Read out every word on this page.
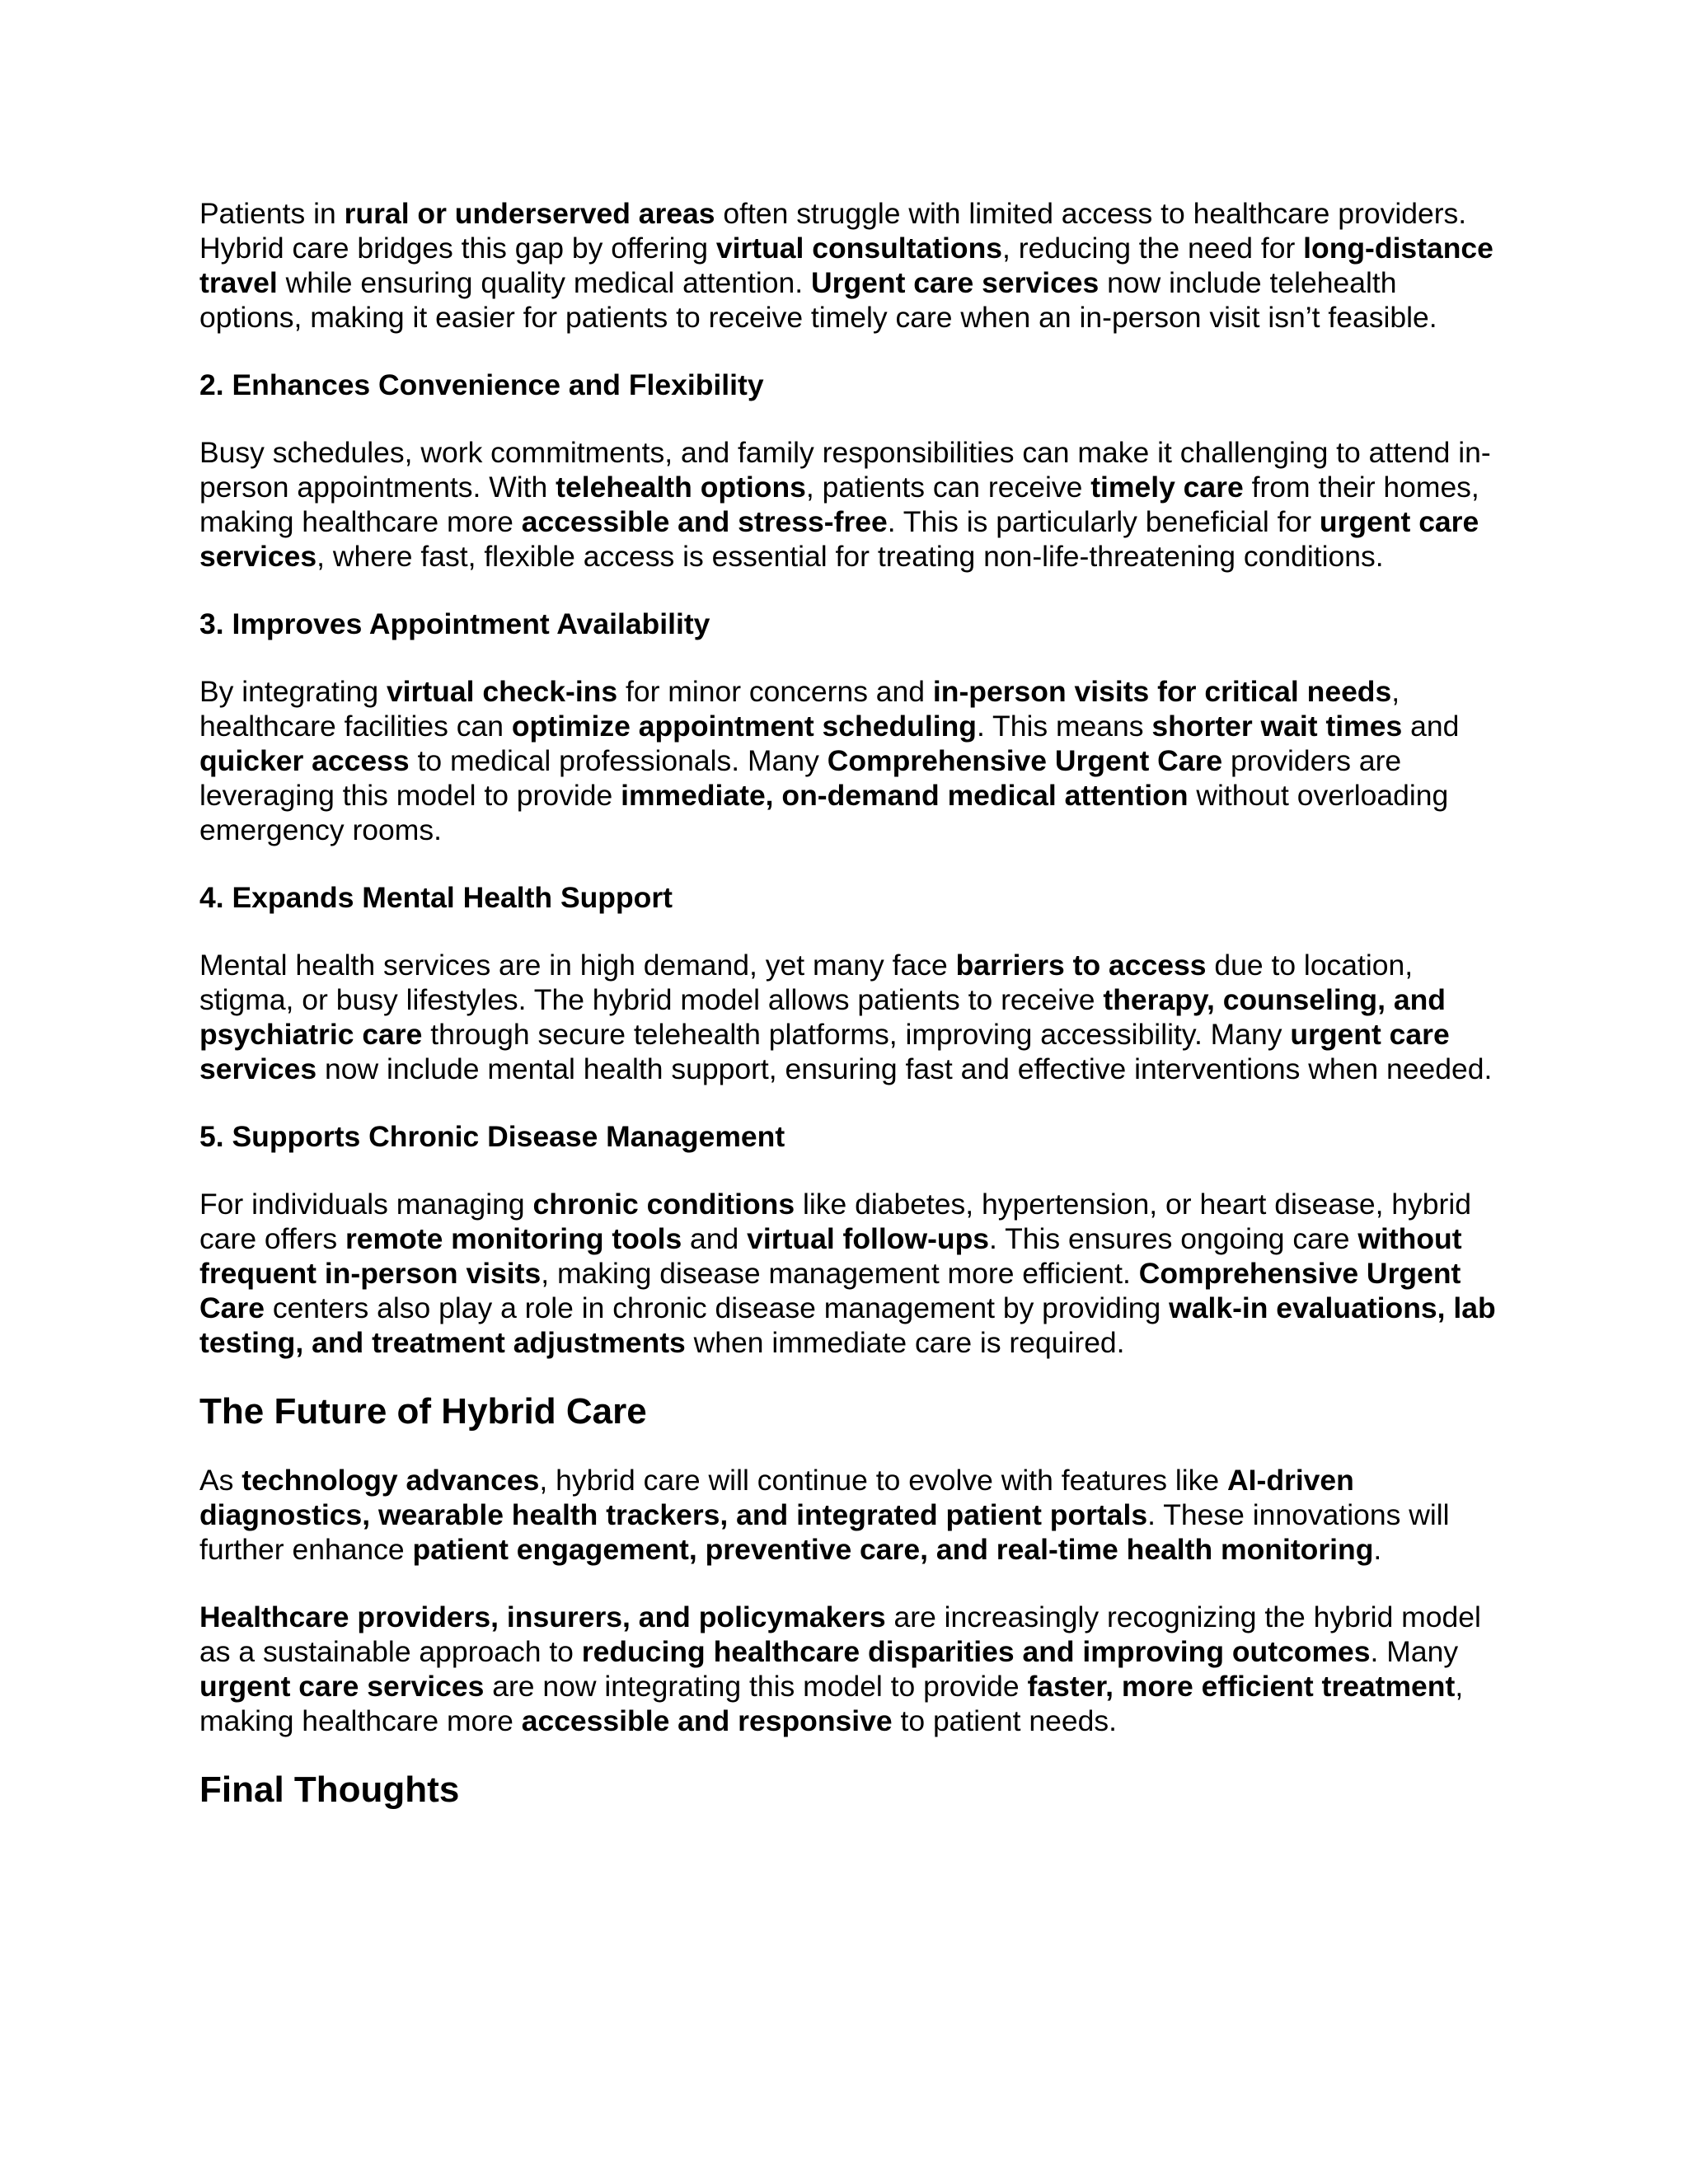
Patients in rural or underserved areas often struggle with limited access to healthcare providers. Hybrid care bridges this gap by offering virtual consultations, reducing the need for long-distance travel while ensuring quality medical attention. Urgent care services now include telehealth options, making it easier for patients to receive timely care when an in-person visit isn’t feasible.

2. Enhances Convenience and Flexibility

Busy schedules, work commitments, and family responsibilities can make it challenging to attend in-person appointments. With telehealth options, patients can receive timely care from their homes, making healthcare more accessible and stress-free. This is particularly beneficial for urgent care services, where fast, flexible access is essential for treating non-life-threatening conditions.

3. Improves Appointment Availability

By integrating virtual check-ins for minor concerns and in-person visits for critical needs, healthcare facilities can optimize appointment scheduling. This means shorter wait times and quicker access to medical professionals. Many Comprehensive Urgent Care providers are leveraging this model to provide immediate, on-demand medical attention without overloading emergency rooms.

4. Expands Mental Health Support

Mental health services are in high demand, yet many face barriers to access due to location, stigma, or busy lifestyles. The hybrid model allows patients to receive therapy, counseling, and psychiatric care through secure telehealth platforms, improving accessibility. Many urgent care services now include mental health support, ensuring fast and effective interventions when needed.

5. Supports Chronic Disease Management

For individuals managing chronic conditions like diabetes, hypertension, or heart disease, hybrid care offers remote monitoring tools and virtual follow-ups. This ensures ongoing care without frequent in-person visits, making disease management more efficient. Comprehensive Urgent Care centers also play a role in chronic disease management by providing walk-in evaluations, lab testing, and treatment adjustments when immediate care is required.

The Future of Hybrid Care

As technology advances, hybrid care will continue to evolve with features like AI-driven diagnostics, wearable health trackers, and integrated patient portals. These innovations will further enhance patient engagement, preventive care, and real-time health monitoring.

Healthcare providers, insurers, and policymakers are increasingly recognizing the hybrid model as a sustainable approach to reducing healthcare disparities and improving outcomes. Many urgent care services are now integrating this model to provide faster, more efficient treatment, making healthcare more accessible and responsive to patient needs.

Final Thoughts
